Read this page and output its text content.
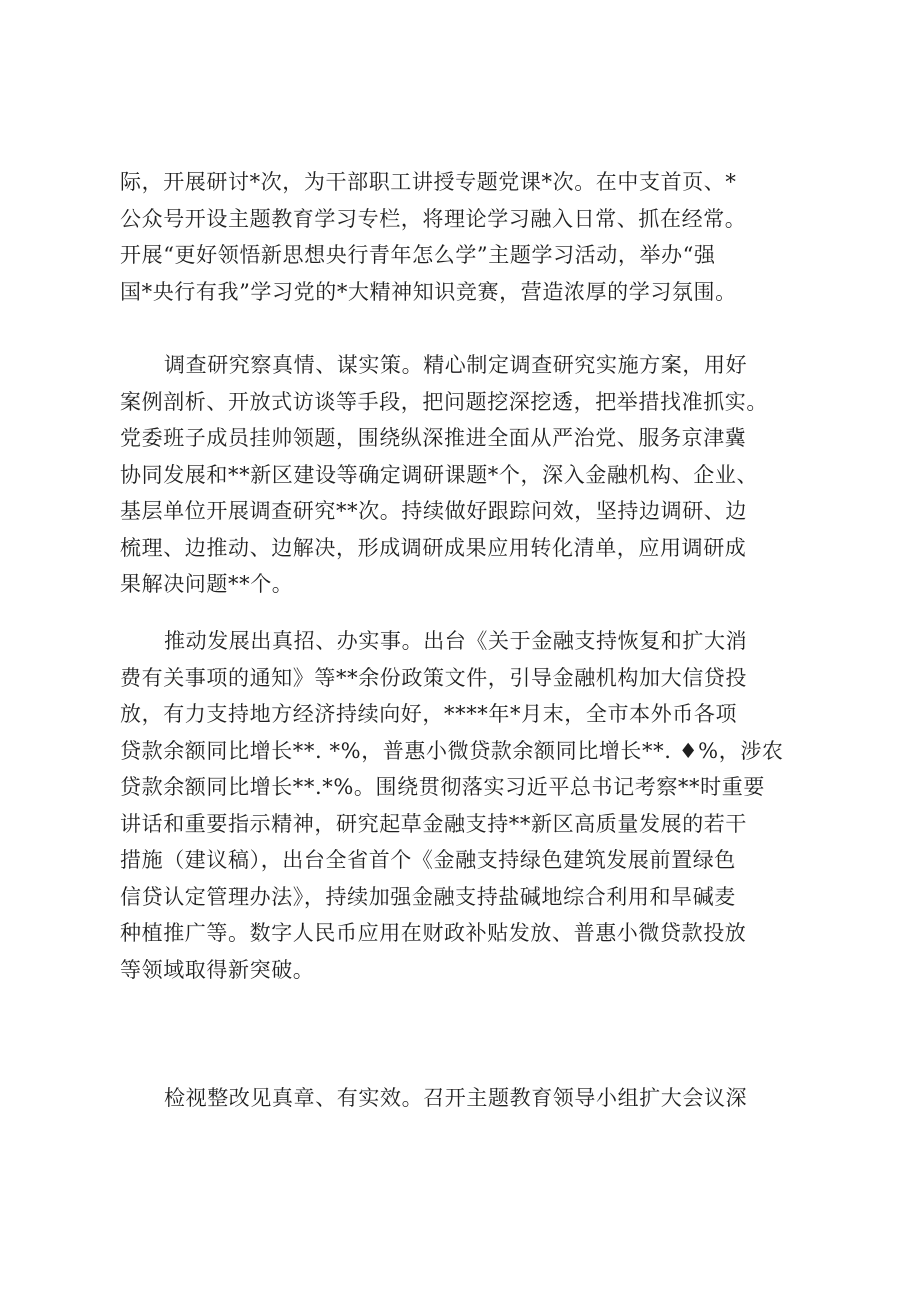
际，开展研讨*次，为干部职工讲授专题党课*次。在中支首页、*
公众号开设主题教育学习专栏，将理论学习融入日常、抓在经常。
开展“更好领悟新思想央行青年怎么学”主题学习活动，举办“强
国*央行有我”学习党的*大精神知识竞赛，营造浓厚的学习氛围。

调查研究察真情、谋实策。精心制定调查研究实施方案，用好
案例剖析、开放式访谈等手段，把问题挖深挖透，把举措找准抓实。
党委班子成员挂帅领题，围绕纵深推进全面从严治党、服务京津冀
协同发展和**新区建设等确定调研课题*个，深入金融机构、企业、
基层单位开展调查研究**次。持续做好跟踪问效，坚持边调研、边
梳理、边推动、边解决，形成调研成果应用转化清单，应用调研成
果解决问题**个。

推动发展出真招、办实事。出台《关于金融支持恢复和扩大消
费有关事项的通知》等**余份政策文件，引导金融机构加大信贷投
放，有力支持地方经济持续向好，****年*月末，全市本外币各项
贷款余额同比增长**. *%，普惠小微贷款余额同比增长**. ♦%，涉农
贷款余额同比增长**.*%。围绕贯彻落实习近平总书记考察**时重要
讲话和重要指示精神，研究起草金融支持**新区高质量发展的若干
措施（建议稿），出台全省首个《金融支持绿色建筑发展前置绿色
信贷认定管理办法》，持续加强金融支持盐碱地综合利用和旱碱麦
种植推广等。数字人民币应用在财政补贴发放、普惠小微贷款投放
等领域取得新突破。

检视整改见真章、有实效。召开主题教育领导小组扩大会议深
